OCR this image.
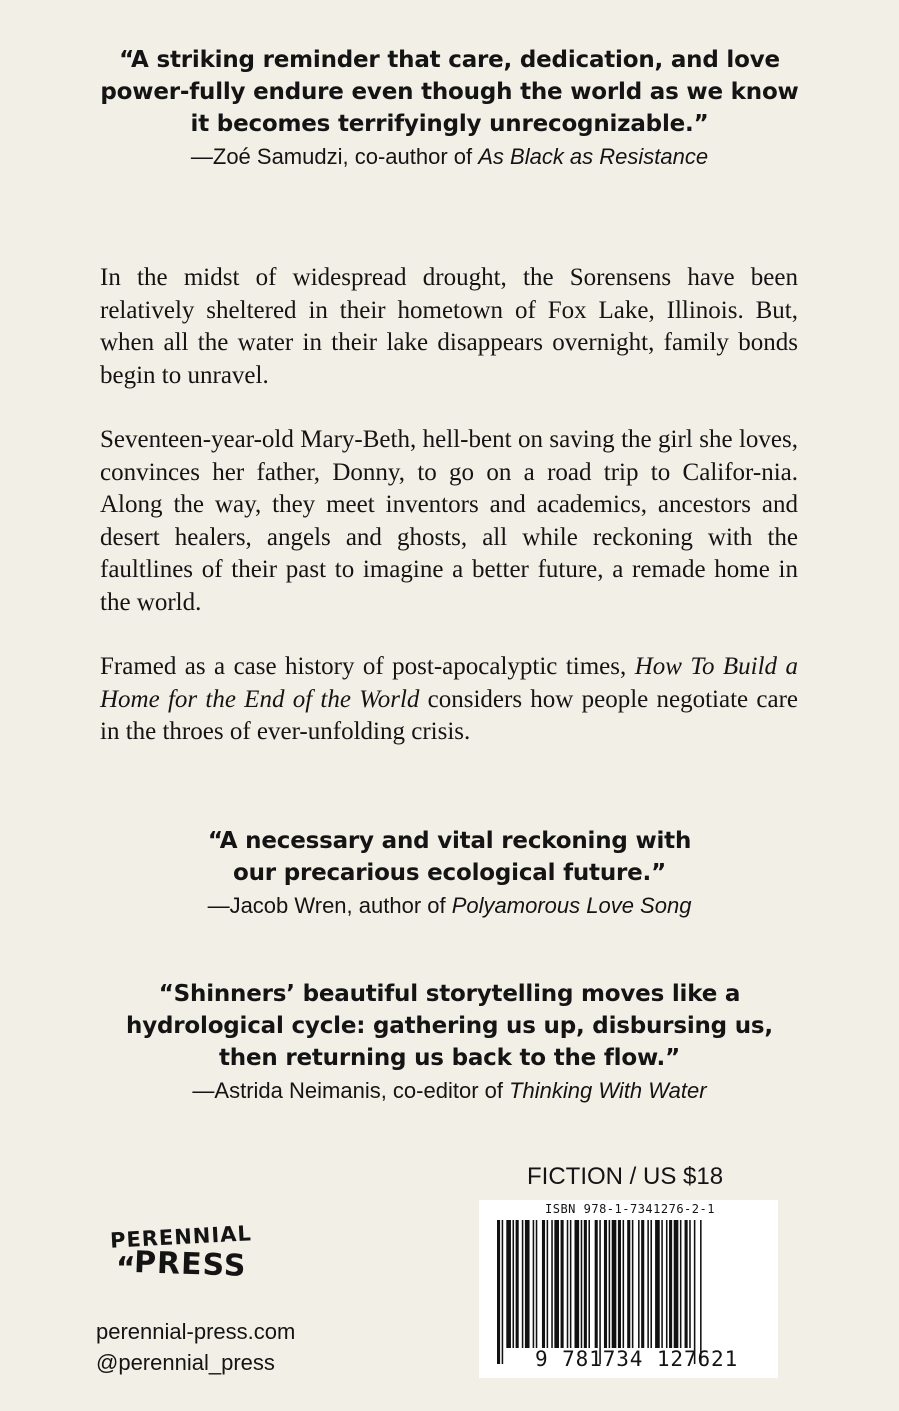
“A striking reminder that care, dedication, and love power-fully endure even though the world as we know it becomes terrifyingly unrecognizable.”
—Zoé Samudzi, co-author of As Black as Resistance

In the midst of widespread drought, the Sorensens have been relatively sheltered in their hometown of Fox Lake, Illinois. But, when all the water in their lake disappears overnight, family bonds begin to unravel.

Seventeen-year-old Mary-Beth, hell-bent on saving the girl she loves, convinces her father, Donny, to go on a road trip to Califor-nia. Along the way, they meet inventors and academics, ancestors and desert healers, angels and ghosts, all while reckoning with the faultlines of their past to imagine a better future, a remade home in the world.

Framed as a case history of post-apocalyptic times, How To Build a Home for the End of the World considers how people negotiate care in the throes of ever-unfolding crisis.

“A necessary and vital reckoning with our precarious ecological future.”
—Jacob Wren, author of Polyamorous Love Song
“Shinners’ beautiful storytelling moves like a hydrological cycle: gathering us up, disbursing us, then returning us back to the flow.”
—Astrida Neimanis, co-editor of Thinking With Water
FICTION / US $18
ISBN 978-1-7341276-2-1
9 781734 127621
PERENNIAL
“
PRESS
perennial-press.com
@perennial_press
